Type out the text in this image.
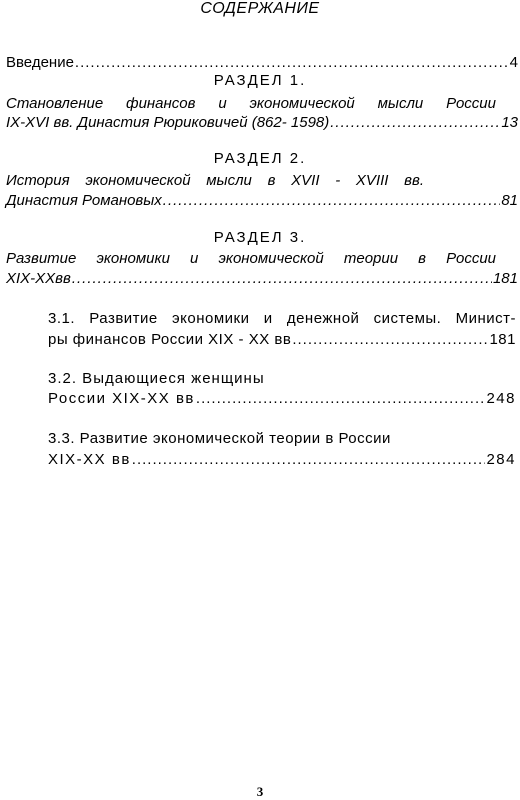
СОДЕРЖАНИЕ
Введение .....	4
РАЗДЕЛ 1.
Становление финансов и экономической мысли России
IX-XVI вв. Династия Рюриковичей (862- 1598) .....	13
РАЗДЕЛ 2.
История экономической мысли в XVII - XVIII вв.
Династия Романовых .....	81
РАЗДЕЛ 3.
Развитие экономики и экономической теории в России
XIX-XXвв .....	181
3.1. Развитие экономики и денежной системы. Минист-
ры финансов России XIX - XX вв .....	181
3.2. Выдающиеся женщины
России XIX-XX вв .....	248
3.3. Развитие экономической теории в России
XIX-XX вв .....	284
3
